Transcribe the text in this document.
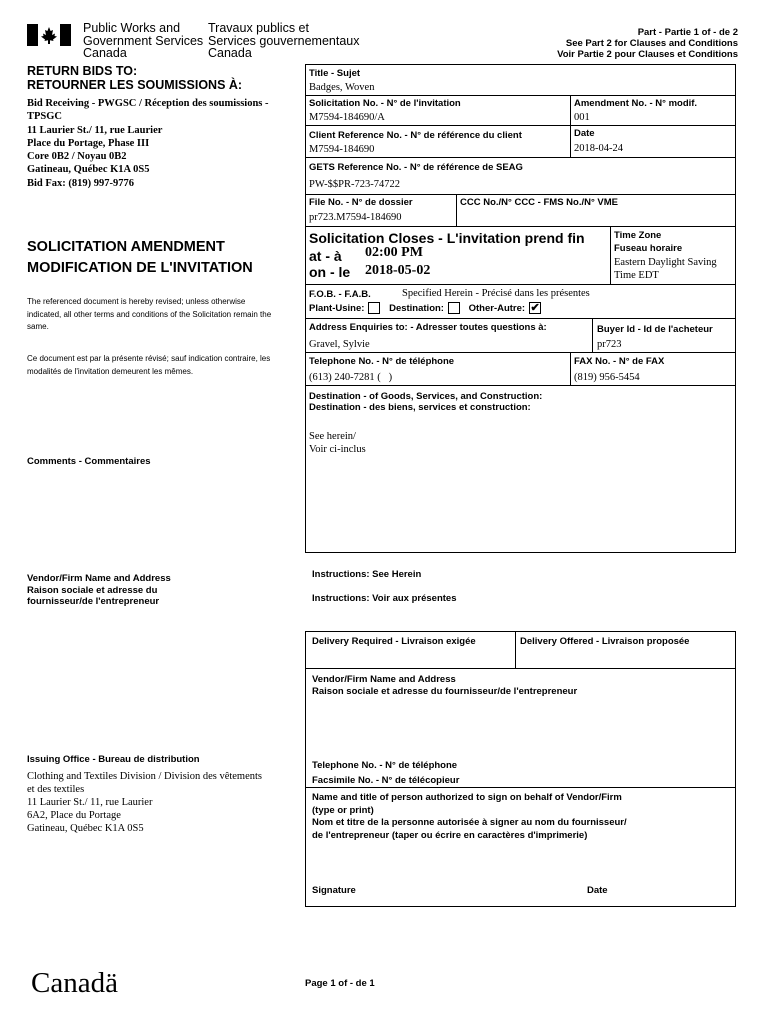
Public Works and
Government Services
Canada
Travaux publics et
Services gouvernementaux
Canada
Part - Partie 1 of - de 2
See Part 2 for Clauses and Conditions
Voir Partie 2 pour Clauses et Conditions
RETURN BIDS TO:
RETOURNER LES SOUMISSIONS À:
Bid Receiving - PWGSC / Réception des soumissions -
TPSGC
11 Laurier St./ 11, rue Laurier
Place du Portage, Phase III
Core 0B2 / Noyau 0B2
Gatineau, Québec K1A 0S5
Bid Fax: (819) 997-9776
SOLICITATION AMENDMENT
MODIFICATION DE L'INVITATION
The referenced document is hereby revised; unless otherwise indicated, all other terms and conditions of the Solicitation remain the same.
Ce document est par la présente révisé; sauf indication contraire, les modalités de l'invitation demeurent les mêmes.
Comments - Commentaires
Vendor/Firm Name and Address
Raison sociale et adresse du
fournisseur/de l'entrepreneur
Issuing Office - Bureau de distribution
Clothing and Textiles Division / Division des vêtements
et des textiles
11 Laurier St./ 11, rue Laurier
6A2, Place du Portage
Gatineau, Québec K1A 0S5
Title - Sujet
Badges, Woven
Solicitation No. - N° de l'invitation
M7594-184690/A
Amendment No. - N° modif.
001
Client Reference No. - N° de référence du client
M7594-184690
Date
2018-04-24
GETS Reference No. - N° de référence de SEAG
PW-$$PR-723-74722
File No. - N° de dossier
pr723.M7594-184690
CCC No./N° CCC - FMS No./N° VME
Solicitation Closes - L'invitation prend fin
at - à 02:00 PM
on - le 2018-05-02
Time Zone
Fuseau horaire
Eastern Daylight Saving
Time EDT
F.O.B. - F.A.B.	Specified Herein - Précisé dans les présentes
Plant-Usine:	Destination:	Other-Autre: ✔
Address Enquiries to: - Adresser toutes questions à:
Gravel, Sylvie
Buyer Id - Id de l'acheteur
pr723
Telephone No. - N° de téléphone
(613) 240-7281 (   )
FAX No. - N° de FAX
(819) 956-5454
Destination - of Goods, Services, and Construction:
Destination - des biens, services et construction:
See herein/
Voir ci-inclus
Instructions: See Herein
Instructions: Voir aux présentes
Delivery Required - Livraison exigée	Delivery Offered - Livraison proposée
Vendor/Firm Name and Address
Raison sociale et adresse du fournisseur/de l'entrepreneur
Telephone No. - N° de téléphone
Facsimile No. - N° de télécopieur
Name and title of person authorized to sign on behalf of Vendor/Firm
(type or print)
Nom et titre de la personne autorisée à signer au nom du fournisseur/
de l'entrepreneur (taper ou écrire en caractères d'imprimerie)
Signature	Date
Canadä	Page 1 of - de 1
